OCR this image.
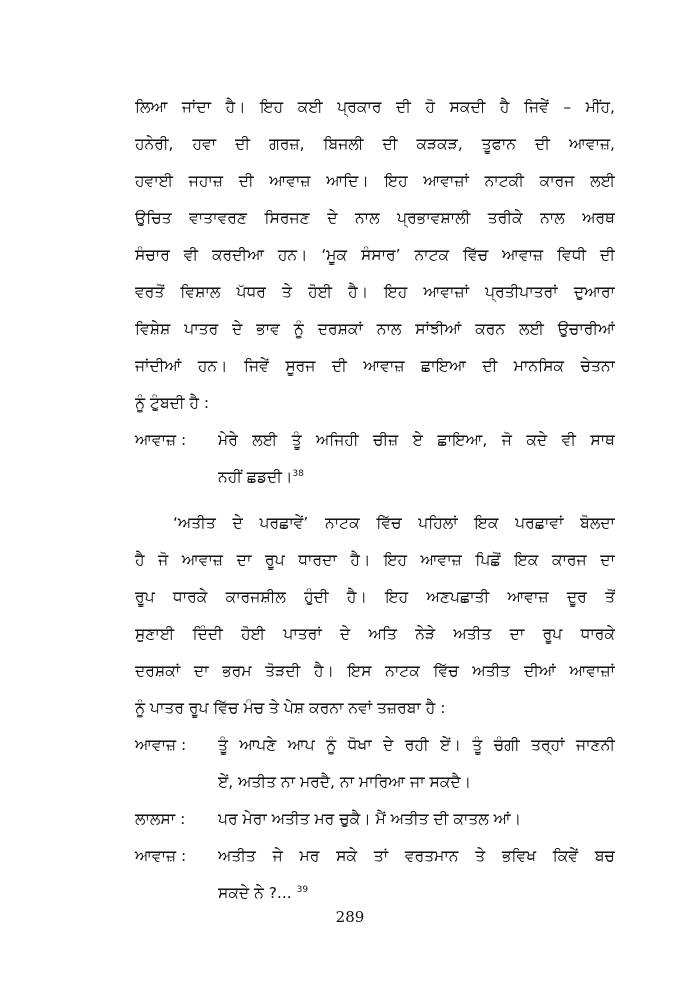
ਲਿਆ ਜਾਂਦਾ ਹੈ। ਇਹ ਕਈ ਪ੍ਰਕਾਰ ਦੀ ਹੋ ਸਕਦੀ ਹੈ ਜਿਵੇਂ – ਮੀਂਹ,
ਹਨੇਰੀ, ਹਵਾ ਦੀ ਗਰਜ਼, ਬਿਜਲੀ ਦੀ ਕੜਕੜ, ਤੂਫਾਨ ਦੀ ਆਵਾਜ਼,
ਹਵਾਈ ਜਹਾਜ਼ ਦੀ ਆਵਾਜ਼ ਆਦਿ। ਇਹ ਆਵਾਜ਼ਾਂ ਨਾਟਕੀ ਕਾਰਜ ਲਈ
ਉਚਿਤ ਵਾਤਾਵਰਣ ਸਿਰਜਣ ਦੇ ਨਾਲ ਪ੍ਰਭਾਵਸ਼ਾਲੀ ਤਰੀਕੇ ਨਾਲ ਅਰਥ
ਸੰਚਾਰ ਵੀ ਕਰਦੀਆ ਹਨ। ‘ਮੂਕ ਸੰਸਾਰ’ ਨਾਟਕ ਵਿੱਚ ਆਵਾਜ਼ ਵਿਧੀ ਦੀ
ਵਰਤੋਂ ਵਿਸ਼ਾਲ ਪੱਧਰ ਤੇ ਹੋਈ ਹੈ। ਇਹ ਆਵਾਜ਼ਾਂ ਪ੍ਰਤੀਪਾਤਰਾਂ ਦੁਆਰਾ
ਵਿਸ਼ੇਸ਼ ਪਾਤਰ ਦੇ ਭਾਵ ਨੂੰ ਦਰਸ਼ਕਾਂ ਨਾਲ ਸਾਂਝੀਆਂ ਕਰਨ ਲਈ ਉਚਾਰੀਆਂ
ਜਾਂਦੀਆਂ ਹਨ। ਜਿਵੇਂ ਸੂਰਜ ਦੀ ਆਵਾਜ਼ ਛਾਇਆ ਦੀ ਮਾਨਸਿਕ ਚੇਤਨਾ
ਨੂੰ ਟੁੰਬਦੀ ਹੈ :
ਆਵਾਜ਼ :	ਮੇਰੇ ਲਈ ਤੂੰ ਅਜਿਹੀ ਚੀਜ਼ ਏ ਛਾਇਆ, ਜੋ ਕਦੇ ਵੀ ਸਾਥ
ਨਹੀਂ ਛਡਦੀ।$^{38}$
‘ਅਤੀਤ ਦੇ ਪਰਛਾਵੇਂ’ ਨਾਟਕ ਵਿੱਚ ਪਹਿਲਾਂ ਇਕ ਪਰਛਾਵਾਂ ਬੋਲਦਾ
ਹੈ ਜੋ ਆਵਾਜ਼ ਦਾ ਰੂਪ ਧਾਰਦਾ ਹੈ। ਇਹ ਆਵਾਜ਼ ਪਿਛੋਂ ਇਕ ਕਾਰਜ ਦਾ
ਰੂਪ ਧਾਰਕੇ ਕਾਰਜਸ਼ੀਲ ਹੁੰਦੀ ਹੈ। ਇਹ ਅਣਪਛਾਤੀ ਆਵਾਜ਼ ਦੂਰ ਤੋਂ
ਸੁਣਾਈ ਦਿੰਦੀ ਹੋਈ ਪਾਤਰਾਂ ਦੇ ਅਤਿ ਨੇੜੇ ਅਤੀਤ ਦਾ ਰੂਪ ਧਾਰਕੇ
ਦਰਸ਼ਕਾਂ ਦਾ ਭਰਮ ਤੋੜਦੀ ਹੈ। ਇਸ ਨਾਟਕ ਵਿੱਚ ਅਤੀਤ ਦੀਆਂ ਆਵਾਜ਼ਾਂ
ਨੂੰ ਪਾਤਰ ਰੂਪ ਵਿੱਚ ਮੰਚ ਤੇ ਪੇਸ਼ ਕਰਨਾ ਨਵਾਂ ਤਜ਼ਰਬਾ ਹੈ :
ਆਵਾਜ਼ :	ਤੂੰ ਆਪਣੇ ਆਪ ਨੂੰ ਧੋਖਾ ਦੇ ਰਹੀ ਏਂ। ਤੂੰ ਚੰਗੀ ਤਰ੍ਹਾਂ ਜਾਣਨੀ
ਏਂ, ਅਤੀਤ ਨਾ ਮਰਦੈ, ਨਾ ਮਾਰਿਆ ਜਾ ਸਕਦੈ।
ਲਾਲਸਾ :	ਪਰ ਮੇਰਾ ਅਤੀਤ ਮਰ ਚੁਕੈ। ਮੈਂ ਅਤੀਤ ਦੀ ਕਾਤਲ ਆਂ।
ਆਵਾਜ਼ :	ਅਤੀਤ ਜੇ ਮਰ ਸਕੇ ਤਾਂ ਵਰਤਮਾਨ ਤੇ ਭਵਿਖ ਕਿਵੇਂ ਬਚ
ਸਕਦੇ ਨੇ ?... $^{39}$
289
